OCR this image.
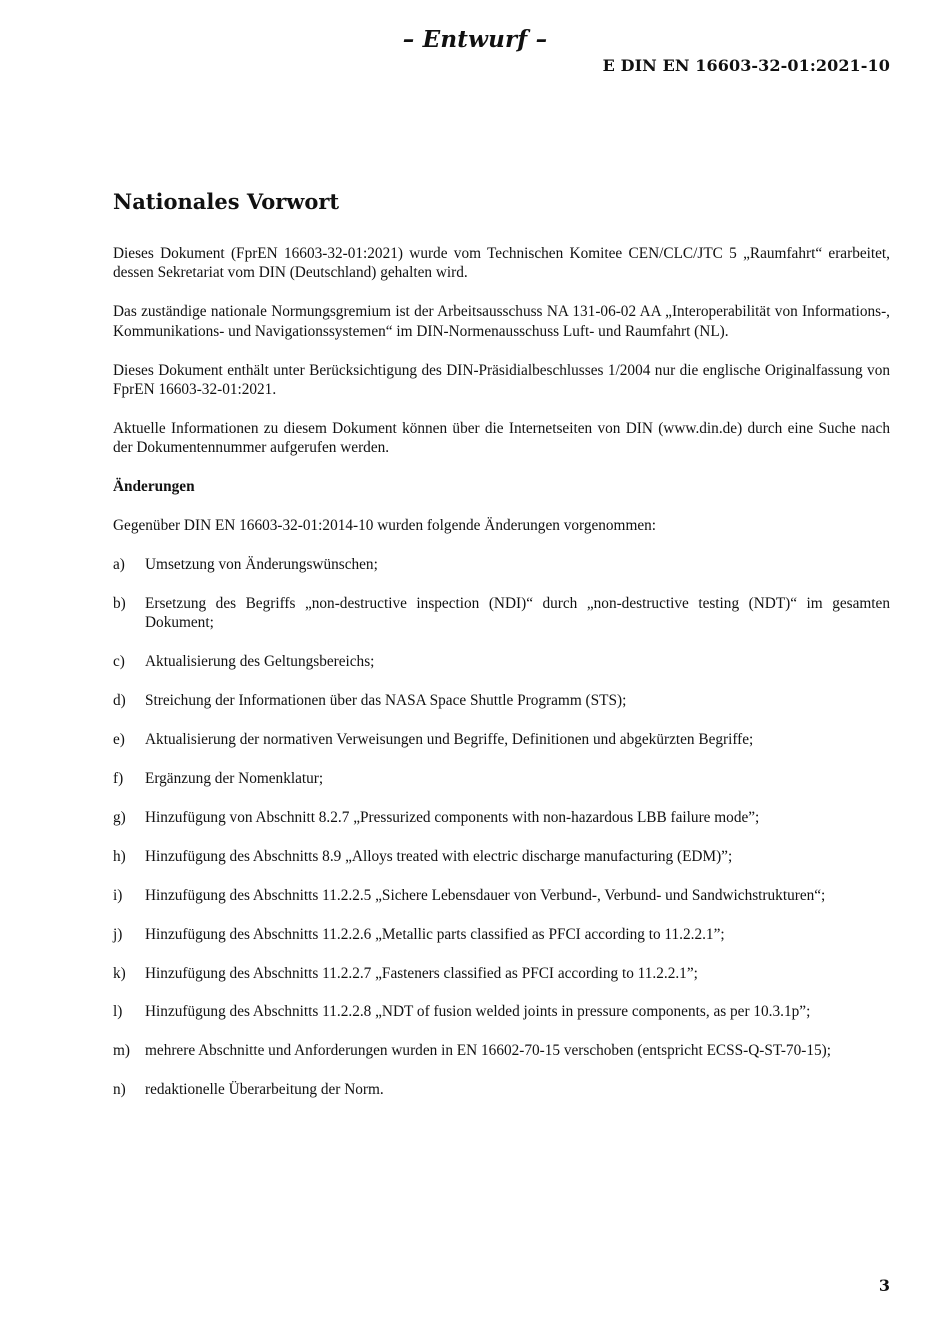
– Entwurf –
E DIN EN 16603-32-01:2021-10
Nationales Vorwort

Dieses Dokument (FprEN 16603-32-01:2021) wurde vom Technischen Komitee CEN/CLC/JTC 5 „Raumfahrt“ erarbeitet, dessen Sekretariat vom DIN (Deutschland) gehalten wird.

Das zuständige nationale Normungsgremium ist der Arbeitsausschuss NA 131-06-02 AA „Interoperabilität von Informations-, Kommunikations- und Navigationssystemen“ im DIN-Normenausschuss Luft- und Raumfahrt (NL).

Dieses Dokument enthält unter Berücksichtigung des DIN-Präsidialbeschlusses 1/2004 nur die englische Originalfassung von FprEN 16603-32-01:2021.

Aktuelle Informationen zu diesem Dokument können über die Internetseiten von DIN (www.din.de) durch eine Suche nach der Dokumentennummer aufgerufen werden.

Änderungen

Gegenüber DIN EN 16603-32-01:2014-10 wurden folgende Änderungen vorgenommen:

a)	Umsetzung von Änderungswünschen;
b)	Ersetzung des Begriffs „non-destructive inspection (NDI)“ durch „non-destructive testing (NDT)“ im gesamten Dokument;
c)	Aktualisierung des Geltungsbereichs;
d)	Streichung der Informationen über das NASA Space Shuttle Programm (STS);
e)	Aktualisierung der normativen Verweisungen und Begriffe, Definitionen und abgekürzten Begriffe;
f)	Ergänzung der Nomenklatur;
g)	Hinzufügung von Abschnitt 8.2.7 „Pressurized components with non-hazardous LBB failure mode”;
h)	Hinzufügung des Abschnitts 8.9 „Alloys treated with electric discharge manufacturing (EDM)”;
i)	Hinzufügung des Abschnitts 11.2.2.5 „Sichere Lebensdauer von Verbund-, Verbund- und Sandwichstrukturen“;
j)	Hinzufügung des Abschnitts 11.2.2.6 „Metallic parts classified as PFCI according to 11.2.2.1”;
k)	Hinzufügung des Abschnitts 11.2.2.7 „Fasteners classified as PFCI according to 11.2.2.1”;
l)	Hinzufügung des Abschnitts 11.2.2.8 „NDT of fusion welded joints in pressure components, as per 10.3.1p”;
m) mehrere Abschnitte und Anforderungen wurden in EN 16602-70-15 verschoben (entspricht ECSS-Q-ST-70-15);
n)	redaktionelle Überarbeitung der Norm.
3
